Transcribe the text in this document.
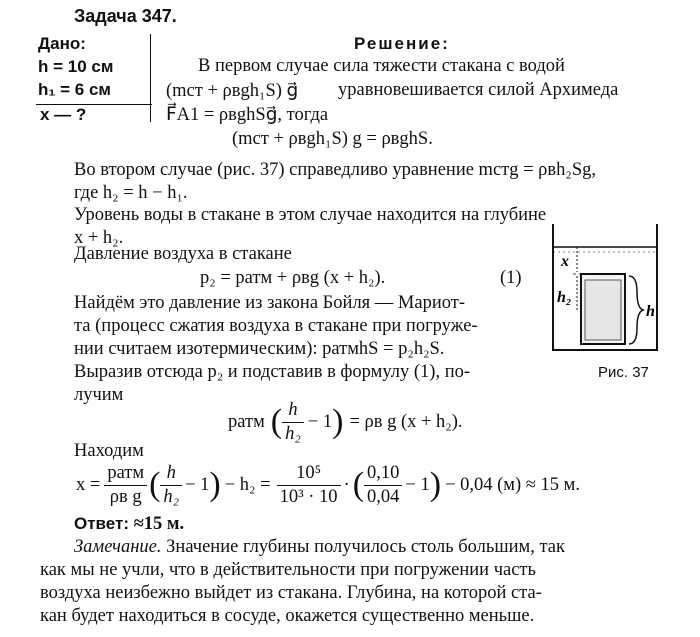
Задача 347.
Дано:
h = 10 см
h₁ = 6 см
x — ?
Решение:
В первом случае сила тяжести стакана с водой
(mст + ρвgh₁S) g⃗ уравновешивается силой Архимеда
F⃗A1 = ρвghSg⃗, тогда
(mст + ρвgh₁S) g = ρвghS.
Во втором случае (рис. 37) справедливо уравнение mстg = ρвh₂Sg,
где h₂ = h − h₁.
Уровень воды в стакане в этом случае находится на глубине
x + h₂.
Давление воздуха в стакане
p₂ = pатм + ρвg (x + h₂).	(1)
Найдём это давление из закона Бойля — Мариот-
та (процесс сжатия воздуха в стакане при погруже-
нии считаем изотермическим): pатмhS = p₂h₂S.
Выразив отсюда p₂ и подставив в формулу (1), по-
лучим
pатм ( $\frac{h}{\text{h₂}} - 1$ ) = ρв g (x + h₂).
Находим
$x = \frac{\text{pатм}}{\text{ρв g}}$ ( $\frac{h}{\text{h₂}} - 1$ ) − $h_2 = \frac{\text{10⁵}}{\text{10³ · 10}}$ · ( $\frac{0,10}{0,04} - 1$ ) − 0,04 (м) ≈ 15 м.
Ответ: ≈15 м.
Замечание. Значение глубины получилось столь большим, так
как мы не учли, что в действительности при погружении часть
воздуха неизбежно выйдет из стакана. Глубина, на которой ста-
кан будет находиться в сосуде, окажется существенно меньше.
x
h₂
h
Рис. 37
